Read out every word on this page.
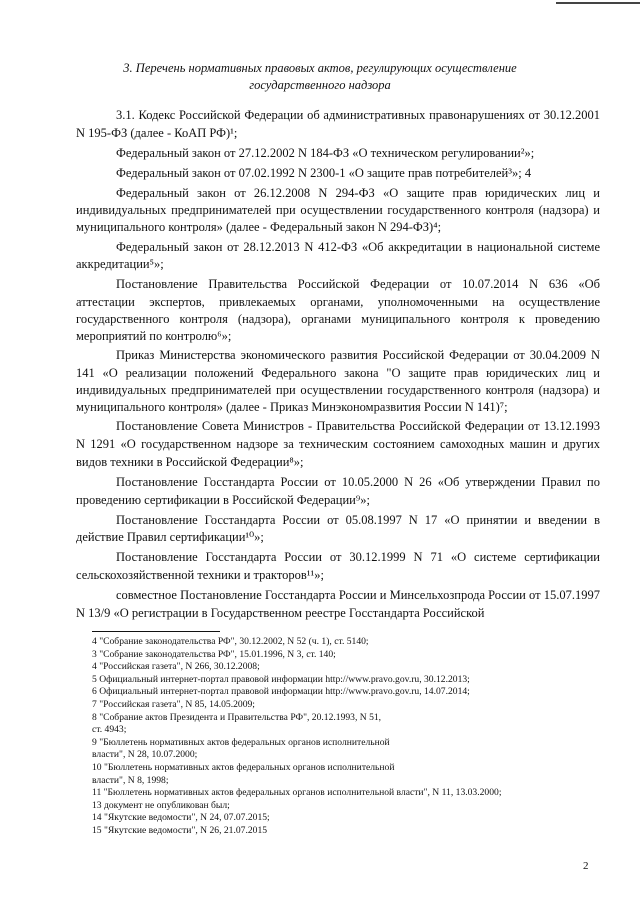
3. Перечень нормативных правовых актов, регулирующих осуществление
государственного надзора

3.1. Кодекс Российской Федерации об административных правонарушениях от 30.12.2001 N 195-ФЗ (далее - КоАП РФ)¹;

Федеральный закон от 27.12.2002 N 184-ФЗ «О техническом регулировании²»;

Федеральный закон от 07.02.1992 N 2300-1 «О защите прав потребителей³»; 4

Федеральный закон от 26.12.2008 N 294-ФЗ «О защите прав юридических лиц и индивидуальных предпринимателей при осуществлении государственного контроля (надзора) и муниципального контроля» (далее - Федеральный закон N 294-ФЗ)⁴;

Федеральный закон от 28.12.2013 N 412-ФЗ «Об аккредитации в национальной системе аккредитации⁵»;

Постановление Правительства Российской Федерации от 10.07.2014 N 636 «Об аттестации экспертов, привлекаемых органами, уполномоченными на осуществление государственного контроля (надзора), органами муниципального контроля к проведению мероприятий по контролю⁶»;

Приказ Министерства экономического развития Российской Федерации от 30.04.2009 N 141 «О реализации положений Федерального закона "О защите прав юридических лиц и индивидуальных предпринимателей при осуществлении государственного контроля (надзора) и муниципального контроля» (далее - Приказ Минэкономразвития России N 141)⁷;

Постановление Совета Министров - Правительства Российской Федерации от 13.12.1993 N 1291 «О государственном надзоре за техническим состоянием самоходных машин и других видов техники в Российской Федерации⁸»;

Постановление Госстандарта России от 10.05.2000 N 26 «Об утверждении Правил по проведению сертификации в Российской Федерации⁹»;

Постановление Госстандарта России от 05.08.1997 N 17 «О принятии и введении в действие Правил сертификации¹⁰»;

Постановление Госстандарта России от 30.12.1999 N 71 «О системе сертификации сельскохозяйственной техники и тракторов¹¹»;

совместное Постановление Госстандарта России и Минсельхозпрода России от 15.07.1997 N 13/9 «О регистрации в Государственном реестре Госстандарта Российской

4 "Собрание законодательства РФ", 30.12.2002, N 52 (ч. 1), ст. 5140;
3 "Собрание законодательства РФ", 15.01.1996, N 3, ст. 140;
4 "Российская газета", N 266, 30.12.2008;
5 Официальный интернет-портал правовой информации http://www.pravo.gov.ru, 30.12.2013;
6 Официальный интернет-портал правовой информации http://www.pravo.gov.ru, 14.07.2014;
7 "Российская газета", N 85, 14.05.2009;
8 "Собрание актов Президента и Правительства РФ", 20.12.1993, N 51,
ст. 4943;
9 "Бюллетень нормативных актов федеральных органов исполнительной
власти", N 28, 10.07.2000;
10 "Бюллетень нормативных актов федеральных органов исполнительной
власти", N 8, 1998;
11 "Бюллетень нормативных актов федеральных органов исполнительной власти", N 11, 13.03.2000;
13 документ не опубликован был;
14 "Якутские ведомости", N 24, 07.07.2015;
15 "Якутские ведомости", N 26, 21.07.2015
2
